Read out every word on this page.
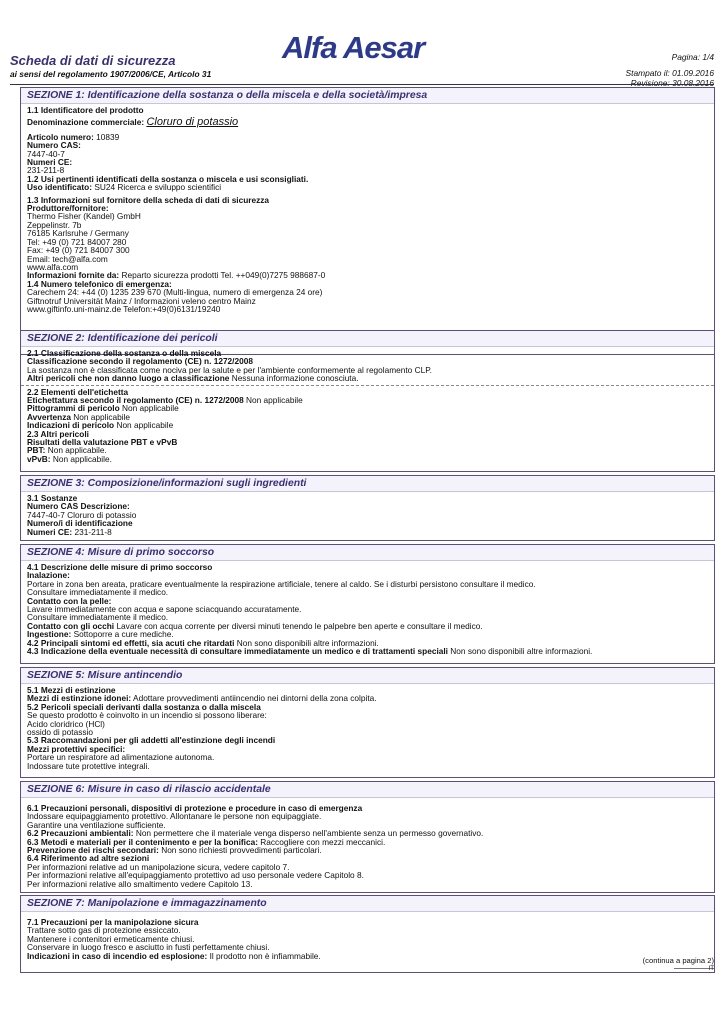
Scheda di dati di sicurezza
ai sensi del regolamento 1907/2006/CE, Articolo 31
Alfa Aesar	Pagina: 1/4
Stampato il: 01.09.2016
Revisione: 30.08.2016
SEZIONE 1: Identificazione della sostanza o della miscela e della società/impresa
1.1 Identificatore del prodotto
Denominazione commerciale: Cloruro di potassio
Articolo numero: 10839
Numero CAS:
7447-40-7
Numeri CE:
231-211-8
1.2 Usi pertinenti identificati della sostanza o miscela e usi sconsigliati.
Uso identificato: SU24 Ricerca e sviluppo scientifici
1.3 Informazioni sul fornitore della scheda di dati di sicurezza
Produttore/fornitore:
Thermo Fisher (Kandel) GmbH
Zeppelinstr. 7b
76185 Karlsruhe / Germany
Tel: +49 (0) 721 84007 280
Fax: +49 (0) 721 84007 300
Email: tech@alfa.com
www.alfa.com
Informazioni fornite da: Reparto sicurezza prodotti Tel. ++049(0)7275 988687-0
1.4 Numero telefonico di emergenza:
Carechem 24: +44 (0) 1235 239 670 (Multi-lingua, numero di emergenza 24 ore)
Giftnotruf Universität Mainz / Informazioni veleno centro Mainz
www.giftinfo.uni-mainz.de Telefon:+49(0)6131/19240
SEZIONE 2: Identificazione dei pericoli
2.1 Classificazione della sostanza o della miscela
Classificazione secondo il regolamento (CE) n. 1272/2008
La sostanza non è classificata come nociva per la salute e per l'ambiente conformemente al regolamento CLP.
Altri pericoli che non danno luogo a classificazione Nessuna informazione conosciuta.
2.2 Elementi dell'etichetta
Etichettatura secondo il regolamento (CE) n. 1272/2008 Non applicabile
Pittogrammi di pericolo Non applicabile
Avvertenza Non applicabile
Indicazioni di pericolo Non applicabile
2.3 Altri pericoli
Risultati della valutazione PBT e vPvB
PBT: Non applicabile.
vPvB: Non applicabile.
SEZIONE 3: Composizione/informazioni sugli ingredienti
3.1 Sostanze
Numero CAS Descrizione:
7447-40-7 Cloruro di potassio
Numero/i di identificazione
Numeri CE: 231-211-8
SEZIONE 4: Misure di primo soccorso
4.1 Descrizione delle misure di primo soccorso
Inalazione:
Portare in zona ben areata, praticare eventualmente la respirazione artificiale, tenere al caldo. Se i disturbi persistono consultare il medico.
Consultare immediatamente il medico.
Contatto con la pelle:
Lavare immediatamente con acqua e sapone sciacquando accuratamente.
Consultare immediatamente il medico.
Contatto con gli occhi Lavare con acqua corrente per diversi minuti tenendo le palpebre ben aperte e consultare il medico.
Ingestione: Sottoporre a cure mediche.
4.2 Principali sintomi ed effetti, sia acuti che ritardati Non sono disponibili altre informazioni.
4.3 Indicazione della eventuale necessità di consultare immediatamente un medico e di trattamenti speciali Non sono disponibili altre informazioni.
SEZIONE 5: Misure antincendio
5.1 Mezzi di estinzione
Mezzi di estinzione idonei: Adottare provvedimenti antiincendio nei dintorni della zona colpita.
5.2 Pericoli speciali derivanti dalla sostanza o dalla miscela
Se questo prodotto è coinvolto in un incendio si possono liberare:
Acido cloridrico (HCl)
ossido di potassio
5.3 Raccomandazioni per gli addetti all'estinzione degli incendi
Mezzi protettivi specifici:
Portare un respiratore ad alimentazione autonoma.
Indossare tute protettive integrali.
SEZIONE 6: Misure in caso di rilascio accidentale
6.1 Precauzioni personali, dispositivi di protezione e procedure in caso di emergenza
Indossare equipaggiamento protettivo. Allontanare le persone non equipaggiate.
Garantire una ventilazione sufficiente.
6.2 Precauzioni ambientali: Non permettere che il materiale venga disperso nell'ambiente senza un permesso governativo.
6.3 Metodi e materiali per il contenimento e per la bonifica: Raccogliere con mezzi meccanici.
Prevenzione dei rischi secondari: Non sono richiesti provvedimenti particolari.
6.4 Riferimento ad altre sezioni
Per informazioni relative ad un manipolazione sicura, vedere capitolo 7.
Per informazioni relative all'equipaggiamento protettivo ad uso personale vedere Capitolo 8.
Per informazioni relative allo smaltimento vedere Capitolo 13.
SEZIONE 7: Manipolazione e immagazzinamento
7.1 Precauzioni per la manipolazione sicura
Trattare sotto gas di protezione essiccato.
Mantenere i contenitori ermeticamente chiusi.
Conservare in luogo fresco e asciutto in fusti perfettamente chiusi.
Indicazioni in caso di incendio ed esplosione: Il prodotto non è infiammabile.	(continua a pagina 2)
IT
